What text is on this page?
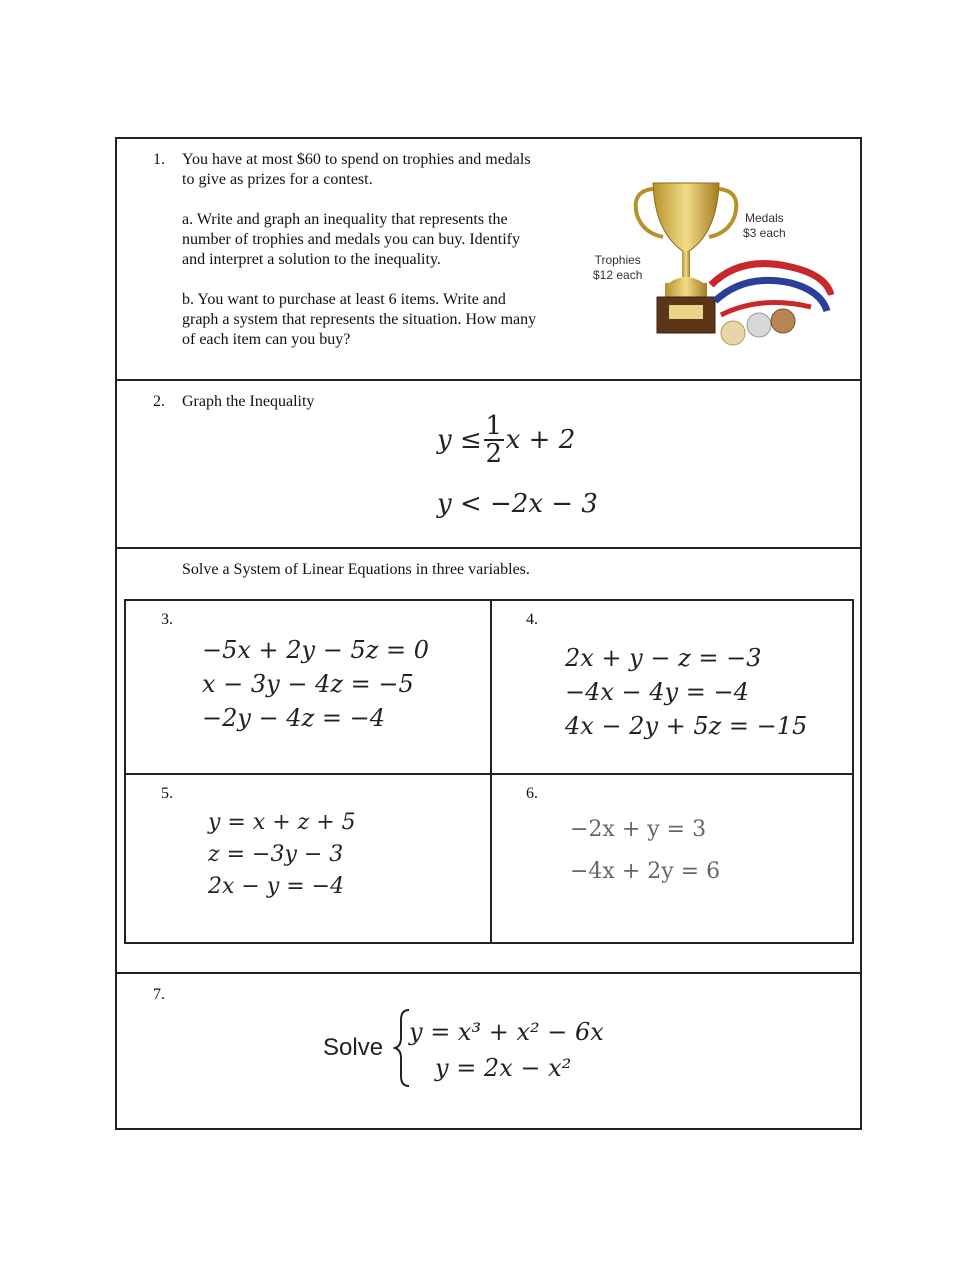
1. You have at most $60 to spend on trophies and medals
to give as prizes for a contest.
a. Write and graph an inequality that represents the
number of trophies and medals you can buy. Identify
and interpret a solution to the inequality.
b. You want to purchase at least 6 items. Write and
graph a system that represents the situation. How many
of each item can you buy?
Medals
$3 each
Trophies
$12 each
2. Graph the Inequality
$y \le \frac{1}{2}$ x + 2
y < −2x − 3
Solve a System of Linear Equations in three variables.
3.
−5x + 2y − 5z = 0
x − 3y − 4z = −5
−2y − 4z = −4
4.
2x + y − z = −3
−4x − 4y = −4
4x − 2y + 5z = −15
5.
y = x + z + 5
z = −3y − 3
2x − y = −4
6.
−2x + y = 3
−4x + 2y = 6
7.
Solve
y = x³ + x² − 6x
y = 2x − x²
